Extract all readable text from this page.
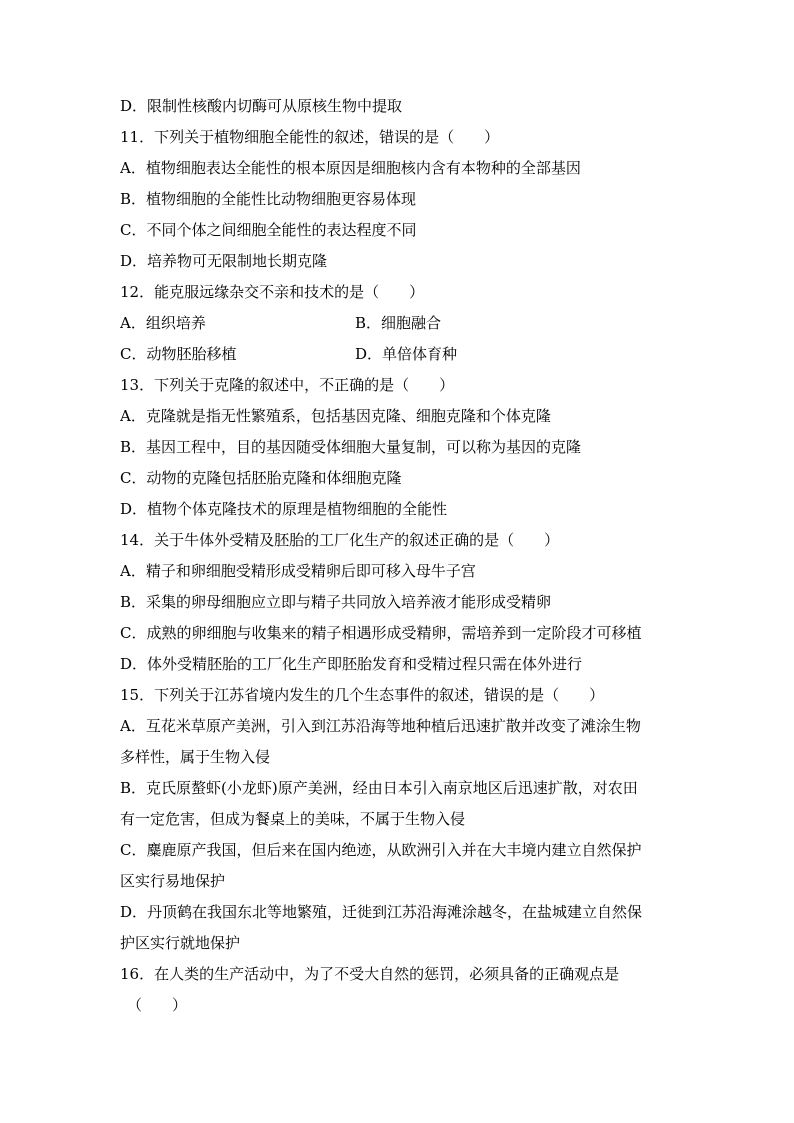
D．限制性核酸内切酶可从原核生物中提取
11．下列关于植物细胞全能性的叙述，错误的是（　　）
A．植物细胞表达全能性的根本原因是细胞核内含有本物种的全部基因
B．植物细胞的全能性比动物细胞更容易体现
C．不同个体之间细胞全能性的表达程度不同
D．培养物可无限制地长期克隆
12．能克服远缘杂交不亲和技术的是（　　）
A．组织培养	B．细胞融合
C．动物胚胎移植	D．单倍体育种
13．下列关于克隆的叙述中，不正确的是（　　）
A．克隆就是指无性繁殖系，包括基因克隆、细胞克隆和个体克隆
B．基因工程中，目的基因随受体细胞大量复制，可以称为基因的克隆
C．动物的克隆包括胚胎克隆和体细胞克隆
D．植物个体克隆技术的原理是植物细胞的全能性
14．关于牛体外受精及胚胎的工厂化生产的叙述正确的是（　　）
A．精子和卵细胞受精形成受精卵后即可移入母牛子宫
B．采集的卵母细胞应立即与精子共同放入培养液才能形成受精卵
C．成熟的卵细胞与收集来的精子相遇形成受精卵，需培养到一定阶段才可移植
D．体外受精胚胎的工厂化生产即胚胎发育和受精过程只需在体外进行
15．下列关于江苏省境内发生的几个生态事件的叙述，错误的是（　　）
A．互花米草原产美洲，引入到江苏沿海等地种植后迅速扩散并改变了滩涂生物
多样性，属于生物入侵
B．克氏原螯虾(小龙虾)原产美洲，经由日本引入南京地区后迅速扩散，对农田
有一定危害，但成为餐桌上的美味，不属于生物入侵
C．麋鹿原产我国，但后来在国内绝迹，从欧洲引入并在大丰境内建立自然保护
区实行易地保护
D．丹顶鹤在我国东北等地繁殖，迁徙到江苏沿海滩涂越冬，在盐城建立自然保
护区实行就地保护
16．在人类的生产活动中，为了不受大自然的惩罚，必须具备的正确观点是
（　　）
